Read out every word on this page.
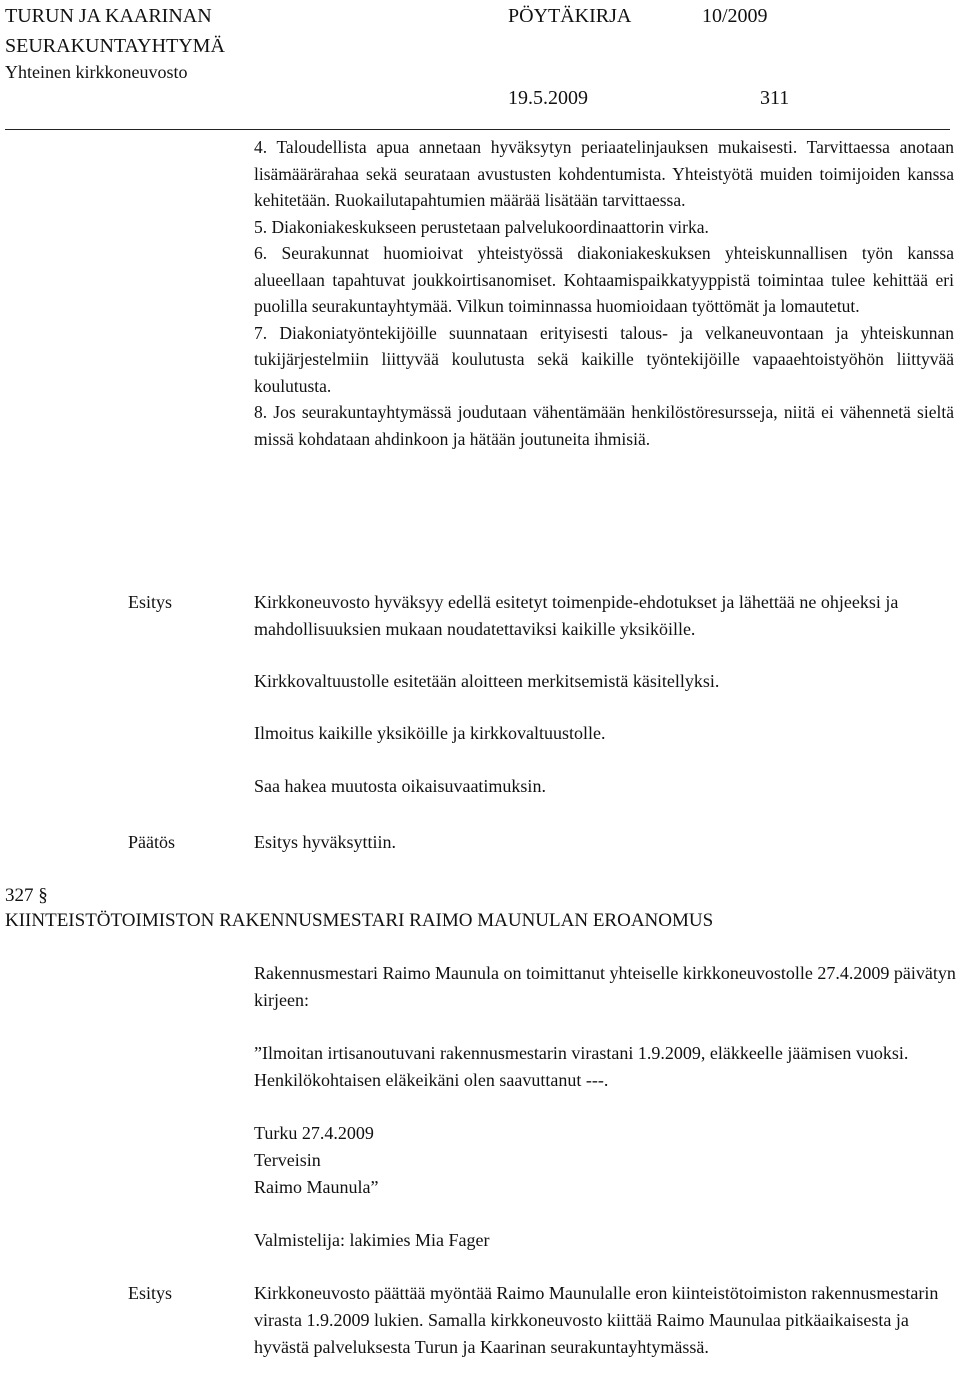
TURUN JA KAARINAN
SEURAKUNTAYHTYMÄ
Yhteinen kirkkoneuvosto
PÖYTÄKIRJA	10/2009
19.5.2009	311

4. Taloudellista apua annetaan hyväksytyn periaatelinjauksen mukaisesti. Tarvittaessa anotaan lisämäärärahaa sekä seurataan avustusten kohdentumista. Yhteistyötä muiden toimijoiden kanssa kehitetään. Ruokailutapahtumien määrää lisätään tarvittaessa.

5. Diakoniakeskukseen perustetaan palvelukoordinaattorin virka.

6. Seurakunnat huomioivat yhteistyössä diakoniakeskuksen yhteiskunnallisen työn kanssa alueellaan tapahtuvat joukkoirtisanomiset. Kohtaamispaikkatyyppistä toimintaa tulee kehittää eri puolilla seurakuntayhtymää. Vilkun toiminnassa huomioidaan työttömät ja lomautetut.

7. Diakoniatyöntekijöille suunnataan erityisesti talous- ja velkaneuvontaan ja yhteiskunnan tukijärjestelmiin liittyvää koulutusta sekä kaikille työntekijöille vapaaehtoistyöhön liittyvää koulutusta.

8. Jos seurakuntayhtymässä joudutaan vähentämään henkilöstöresursseja, niitä ei vähennetä sieltä missä kohdataan ahdinkoon ja hätään joutuneita ihmisiä.

Esitys	Kirkkoneuvosto hyväksyy edellä esitetyt toimenpide-ehdotukset ja lähettää ne ohjeeksi ja mahdollisuuksien mukaan noudatettaviksi kaikille yksiköille.
Kirkkovaltuustolle esitetään aloitteen merkitsemistä käsitellyksi.
Ilmoitus kaikille yksiköille ja kirkkovaltuustolle.
Saa hakea muutosta oikaisuvaatimuksin.
Päätös	Esitys hyväksyttiin.
327 §
KIINTEISTÖTOIMISTON RAKENNUSMESTARI RAIMO MAUNULAN EROANOMUS
Rakennusmestari Raimo Maunula on toimittanut yhteiselle kirkkoneuvostolle 27.4.2009 päivätyn kirjeen:
”Ilmoitan irtisanoutuvani rakennusmestarin virastani 1.9.2009, eläkkeelle jäämisen vuoksi. Henkilökohtaisen eläkeikäni olen saavuttanut ---.
Turku 27.4.2009
Terveisin
Raimo Maunula”
Valmistelija: lakimies Mia Fager
Esitys	Kirkkoneuvosto päättää myöntää Raimo Maunulalle eron kiinteistötoimiston rakennusmestarin virasta 1.9.2009 lukien. Samalla kirkkoneuvosto kiittää Raimo Maunulaa pitkäaikaisesta ja hyvästä palveluksesta Turun ja Kaarinan seurakuntayhtymässä.
